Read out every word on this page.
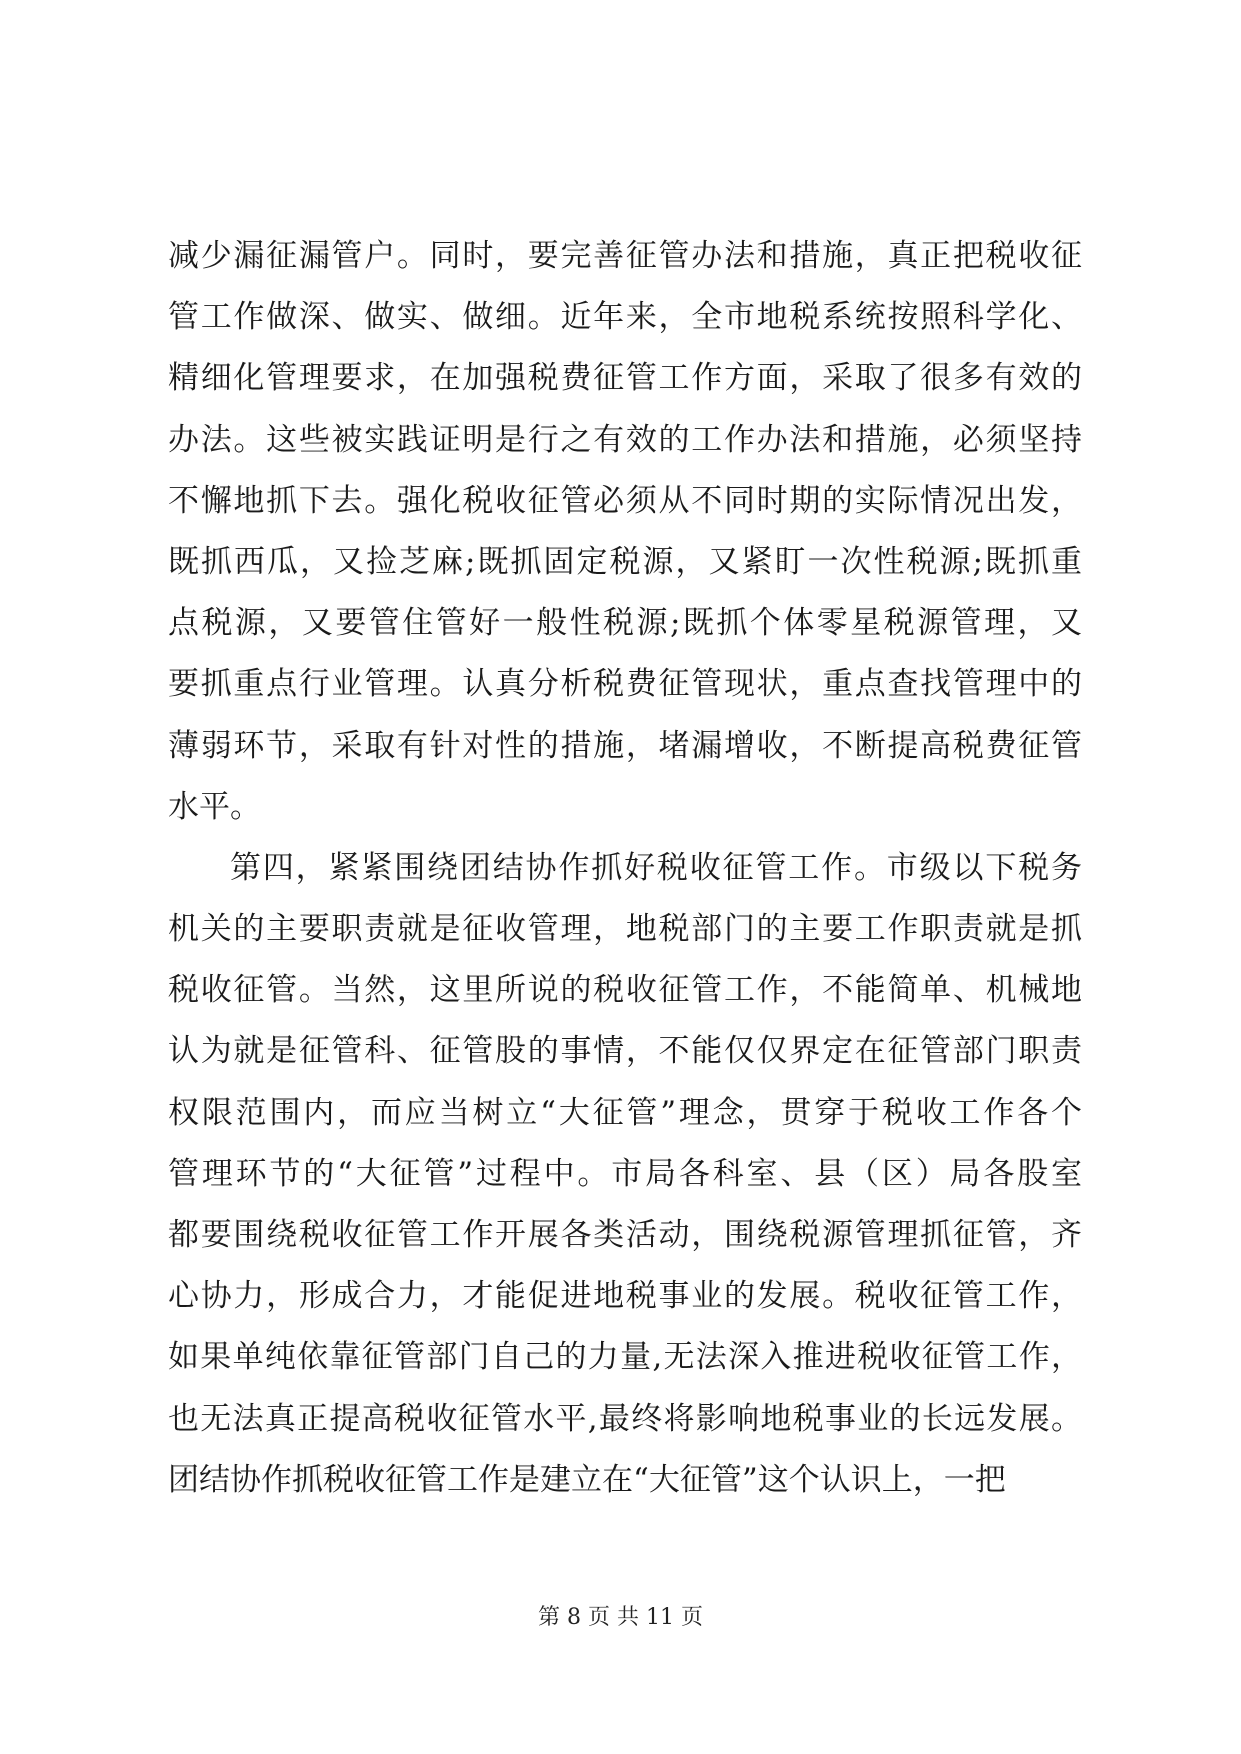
减少漏征漏管户。同时，要完善征管办法和措施，真正把税收征
管工作做深、做实、做细。近年来，全市地税系统按照科学化、
精细化管理要求，在加强税费征管工作方面，采取了很多有效的
办法。这些被实践证明是行之有效的工作办法和措施，必须坚持
不懈地抓下去。强化税收征管必须从不同时期的实际情况出发，
既抓西瓜，又捡芝麻;既抓固定税源，又紧盯一次性税源;既抓重
点税源，又要管住管好一般性税源;既抓个体零星税源管理，又
要抓重点行业管理。认真分析税费征管现状，重点查找管理中的
薄弱环节，采取有针对性的措施，堵漏增收，不断提高税费征管
水平。
第四，紧紧围绕团结协作抓好税收征管工作。市级以下税务
机关的主要职责就是征收管理，地税部门的主要工作职责就是抓
税收征管。当然，这里所说的税收征管工作，不能简单、机械地
认为就是征管科、征管股的事情，不能仅仅界定在征管部门职责
权限范围内，而应当树立“大征管”理念，贯穿于税收工作各个
管理环节的“大征管”过程中。市局各科室、县（区）局各股室
都要围绕税收征管工作开展各类活动，围绕税源管理抓征管，齐
心协力，形成合力，才能促进地税事业的发展。税收征管工作，
如果单纯依靠征管部门自己的力量,无法深入推进税收征管工作，
也无法真正提高税收征管水平,最终将影响地税事业的长远发展。
团结协作抓税收征管工作是建立在“大征管”这个认识上，一把
第 8 页 共 11 页
